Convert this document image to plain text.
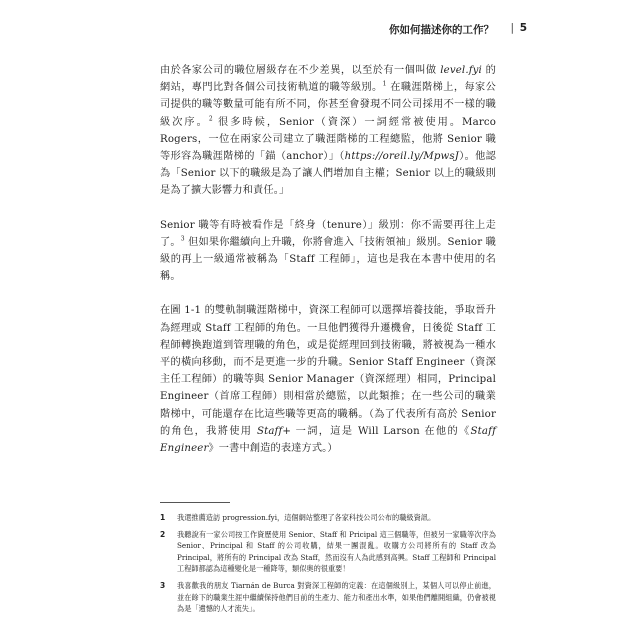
你如何描述你的工作？ | 5

由於各家公司的職位層級存在不少差異，以至於有一個叫做 level.fyi 的網站，專門比對各個公司技術軌道的職等級別。$^1$ 在職涯階梯上，每家公司提供的職等數量可能有所不同，你甚至會發現不同公司採用不一樣的職級次序。$^2$ 很多時候，Senior（資深）一詞經常被使用。Marco Rogers，一位在兩家公司建立了職涯階梯的工程總監，他將 Senior 職等形容為職涯階梯的「錨（anchor）」（https://oreil.ly/MpwsJ）。他認為「Senior 以下的職級是為了讓人們增加自主權；Senior 以上的職級則是為了擴大影響力和責任。」

Senior 職等有時被看作是「終身（tenure）」級別：你不需要再往上走了。$^3$ 但如果你繼續向上升職，你將會進入「技術領袖」級別。Senior 職級的再上一級通常被稱為「Staff 工程師」，這也是我在本書中使用的名稱。

在圖 1-1 的雙軌制職涯階梯中，資深工程師可以選擇培養技能，爭取晉升為經理或 Staff 工程師的角色。一旦他們獲得升遷機會，日後從 Staff 工程師轉換跑道到管理職的角色，或是從經理回到技術職，將被視為一種水平的橫向移動，而不是更進一步的升職。Senior Staff Engineer（資深主任工程師）的職等與 Senior Manager（資深經理）相同，Principal Engineer（首席工程師）則相當於總監，以此類推；在一些公司的職業階梯中，可能還存在比這些職等更高的職稱。（為了代表所有高於 Senior 的角色，我將使用 Staff+ 一詞，這是 Will Larson 在他的《Staff Engineer》一書中創造的表達方式。）

1 我還推薦造訪 progression.fyi，這個網站整理了各家科技公司公布的職級資訊。
2 我聽說有一家公司按工作資歷使用 Senior、Staff 和 Pricipal 這三個職等，但被另一家職等次序為 Senior、Principal 和 Staff 的公司收購，結果一團混亂。收購方公司將所有的 Staff 改為 Principal，將所有的 Principal 改為 Staff，然而沒有人為此感到高興。Staff 工程師和 Principal 工程師都認為這種變化是一種降等，類似奧的很重要！
3 我喜歡我的朋友 Tiarnán de Burca 對資深工程師的定義：在這個級別上，某個人可以停止前進，並在餘下的職業生涯中繼續保持他們目前的生產力、能力和產出水準，如果他們離開組織，仍會被視為是「遺憾的人才流失」。
